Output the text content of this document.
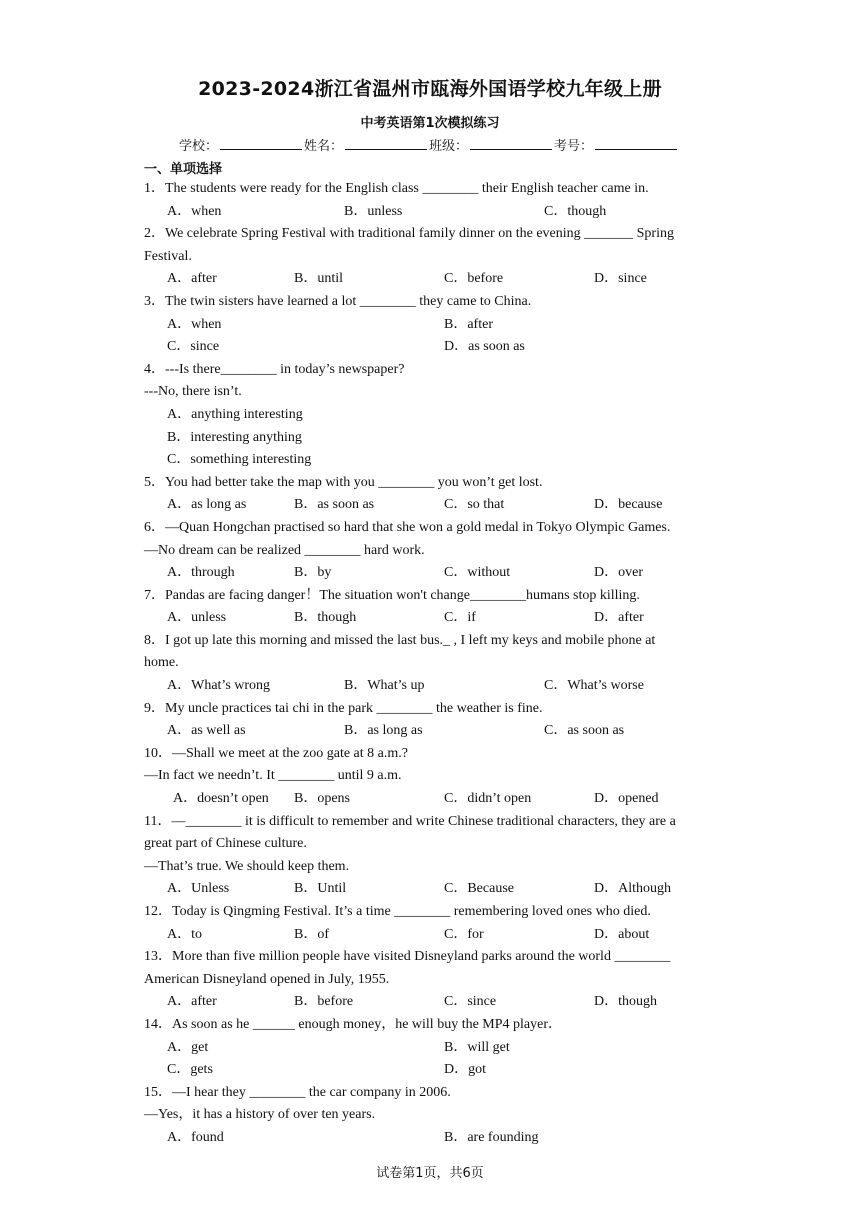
2023-2024浙江省温州市瓯海外国语学校九年级上册
中考英语第1次模拟练习
学校：	姓名：	班级：	考号：
一、单项选择
1．The students were ready for the English class ________ their English teacher came in.
A．when	B．unless	C．though
2．We celebrate Spring Festival with traditional family dinner on the evening _______ Spring
Festival.
A．after	B．until	C．before	D．since
3．The twin sisters have learned a lot ________ they came to China.
A．when	B．after
C．since	D．as soon as
4．---Is there________ in today’s newspaper?
---No, there isn’t.
A．anything interesting
B．interesting anything
C．something interesting
5．You had better take the map with you ________ you won’t get lost.
A．as long as	B．as soon as	C．so that	D．because
6．—Quan Hongchan practised so hard that she won a gold medal in Tokyo Olympic Games.
—No dream can be realized ________ hard work.
A．through	B．by	C．without	D．over
7．Pandas are facing danger！The situation won't change________humans stop killing.
A．unless	B．though	C．if	D．after
8．I got up late this morning and missed the last bus._ , I left my keys and mobile phone at
home.
A．What’s wrong	B．What’s up	C．What’s worse
9．My uncle practices tai chi in the park ________ the weather is fine.
A．as well as	B．as long as	C．as soon as
10．—Shall we meet at the zoo gate at 8 a.m.?
—In fact we needn’t. It ________ until 9 a.m.
A．doesn’t open	B．opens	C．didn’t open	D．opened
11．—________ it is difficult to remember and write Chinese traditional characters, they are a
great part of Chinese culture.
—That’s true. We should keep them.
A．Unless	B．Until	C．Because	D．Although
12．Today is Qingming Festival. It’s a time ________ remembering loved ones who died.
A．to	B．of	C．for	D．about
13．More than five million people have visited Disneyland parks around the world ________
American Disneyland opened in July, 1955.
A．after	B．before	C．since	D．though
14．As soon as he ______ enough money，he will buy the MP4 player．
A．get	B．will get
C．gets	D．got
15．—I hear they ________ the car company in 2006.
—Yes，it has a history of over ten years.
A．found	B．are founding
试卷第1页，共6页
